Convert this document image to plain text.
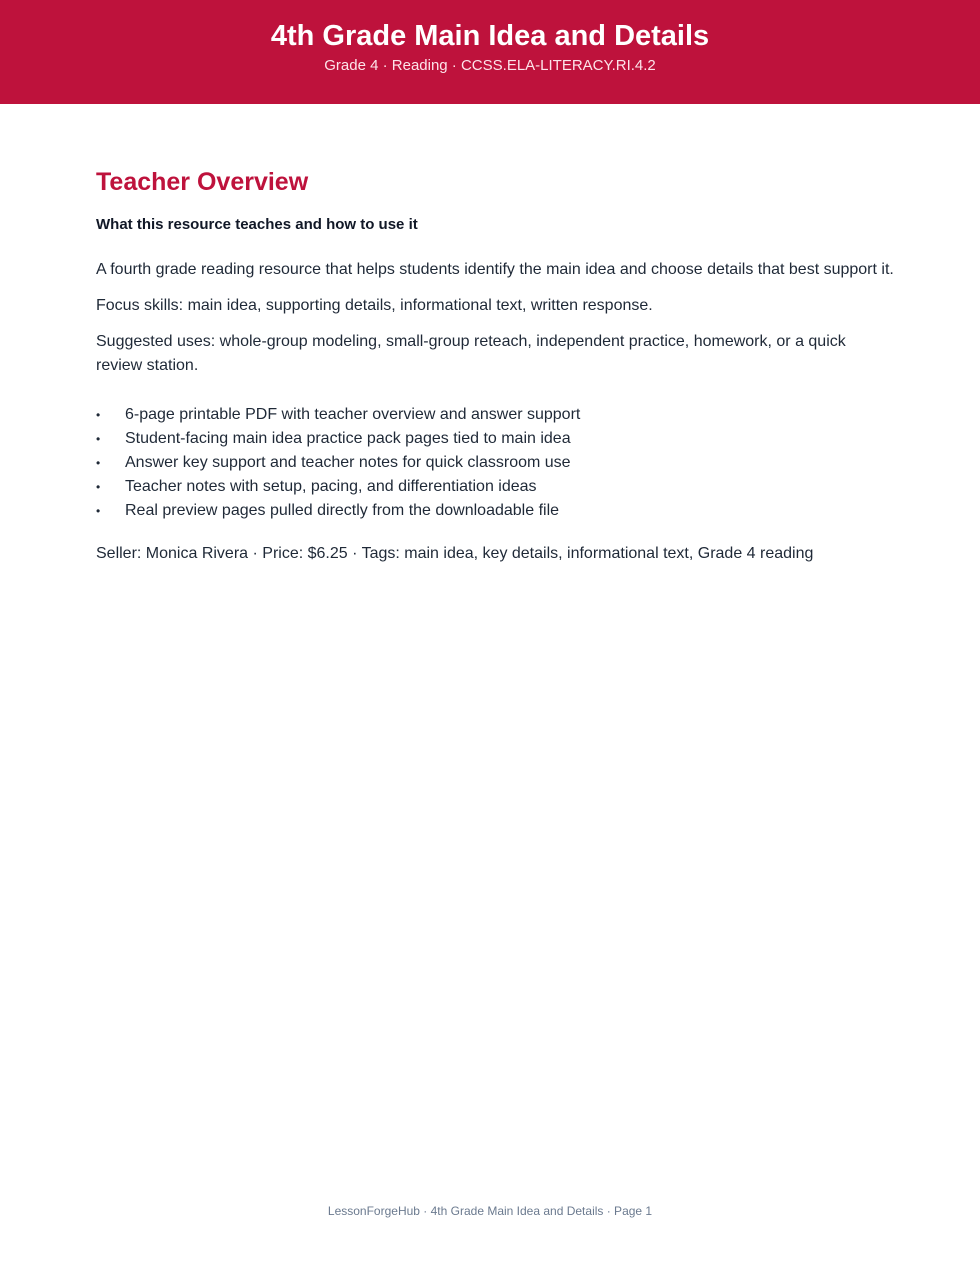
4th Grade Main Idea and Details
Grade 4 · Reading · CCSS.ELA-LITERACY.RI.4.2
Teacher Overview

What this resource teaches and how to use it

A fourth grade reading resource that helps students identify the main idea and choose details that best support it.

Focus skills: main idea, supporting details, informational text, written response.

Suggested uses: whole-group modeling, small-group reteach, independent practice, homework, or a quick review station.

• 6-page printable PDF with teacher overview and answer support
• Student-facing main idea practice pack pages tied to main idea
• Answer key support and teacher notes for quick classroom use
• Teacher notes with setup, pacing, and differentiation ideas
• Real preview pages pulled directly from the downloadable file

Seller: Monica Rivera · Price: $6.25 · Tags: main idea, key details, informational text, Grade 4 reading

LessonForgeHub · 4th Grade Main Idea and Details · Page 1
